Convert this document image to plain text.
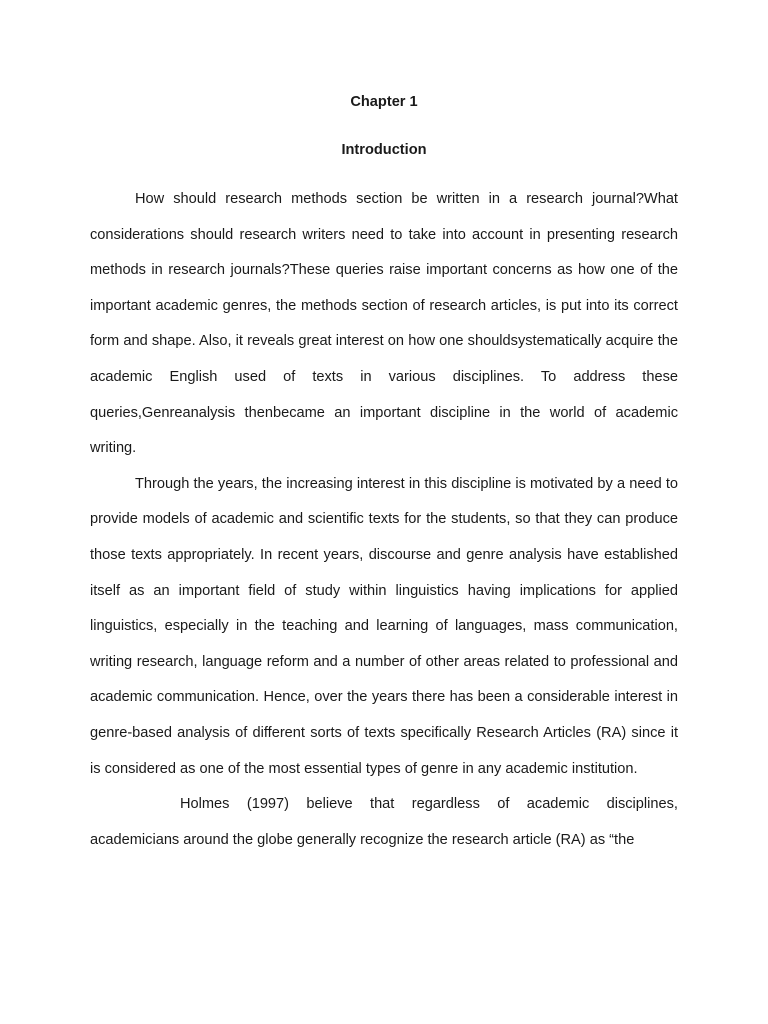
Chapter 1
Introduction

How should research methods section be written in a research journal?What considerations should research writers need to take into account in presenting research methods in research journals?These queries raise important concerns as how one of the important academic genres, the methods section of research articles, is put into its correct form and shape. Also, it reveals great interest on how one shouldsystematically acquire the academic English used of texts in various disciplines. To address these queries,Genreanalysis thenbecame an important discipline in the world of academic writing.

Through the years, the increasing interest in this discipline is motivated by a need to provide models of academic and scientific texts for the students, so that they can produce those texts appropriately. In recent years, discourse and genre analysis have established itself as an important field of study within linguistics having implications for applied linguistics, especially in the teaching and learning of languages, mass communication, writing research, language reform and a number of other areas related to professional and academic communication. Hence, over the years there has been a considerable interest in genre-based analysis of different sorts of texts specifically Research Articles (RA) since it is considered as one of the most essential types of genre in any academic institution.

Holmes (1997) believe that regardless of academic disciplines, academicians around the globe generally recognize the research article (RA) as “the
